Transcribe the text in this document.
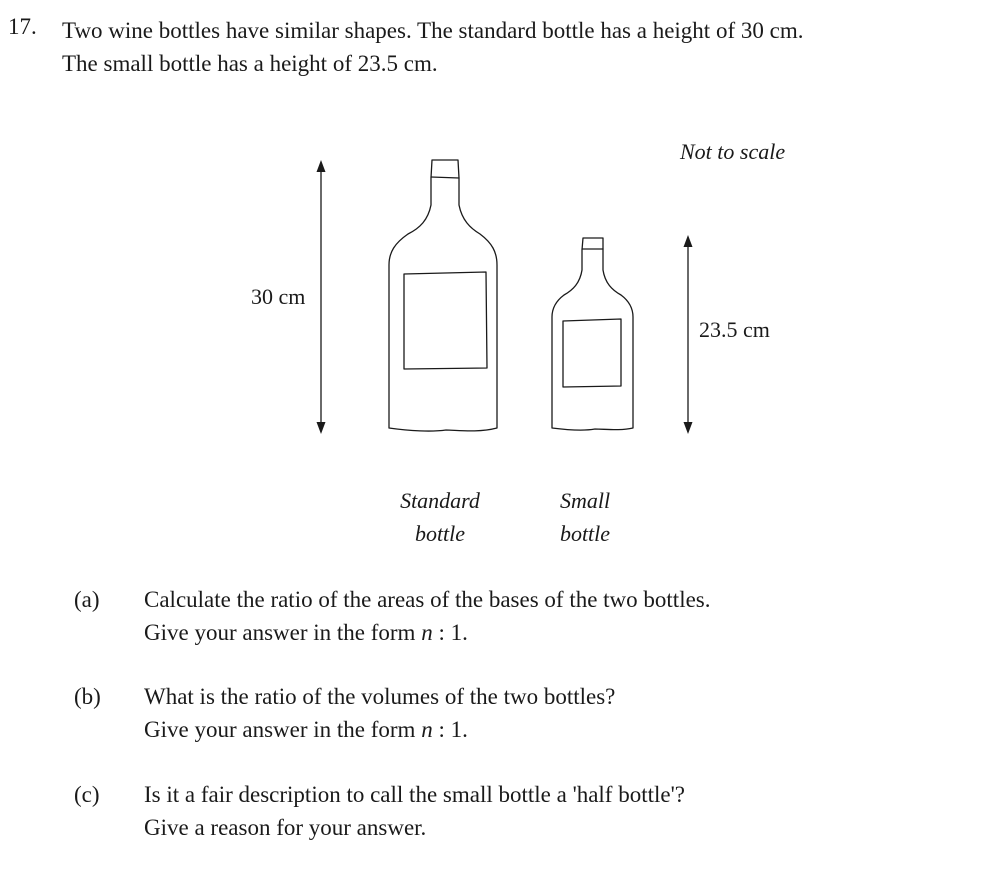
17. Two wine bottles have similar shapes. The standard bottle has a height of 30 cm.
The small bottle has a height of 23.5 cm.
Not to scale
30 cm
23.5 cm
Standard
bottle
Small
bottle
(a) Calculate the ratio of the areas of the bases of the two bottles.
Give your answer in the form n : 1.
(b) What is the ratio of the volumes of the two bottles?
Give your answer in the form n : 1.
(c) Is it a fair description to call the small bottle a 'half bottle'?
Give a reason for your answer.
